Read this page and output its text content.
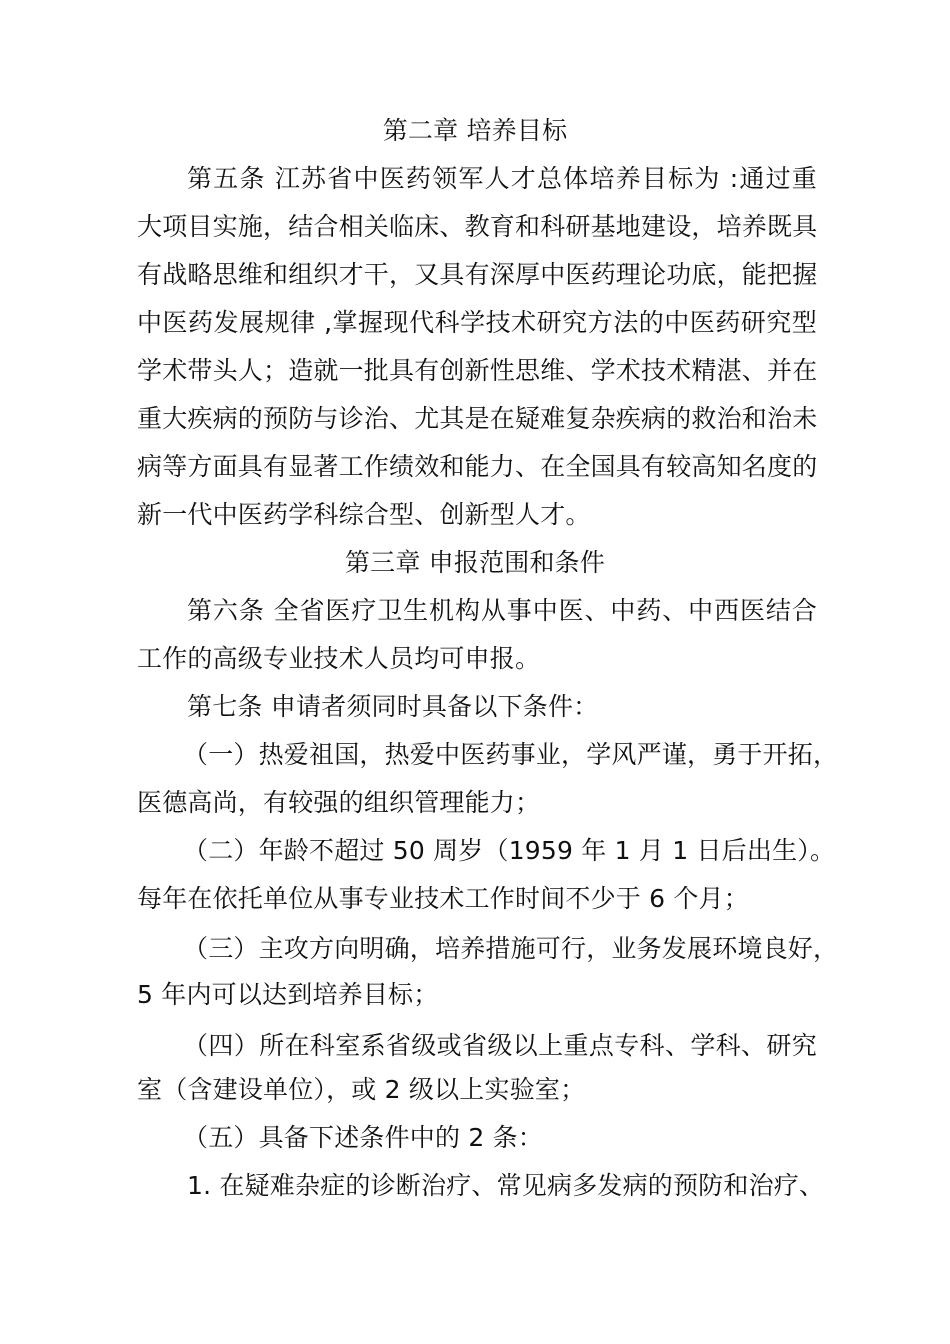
第二章 培养目标
第五条 江苏省中医药领军人才总体培养目标为 :通过重
大项目实施，结合相关临床、教育和科研基地建设，培养既具
有战略思维和组织才干，又具有深厚中医药理论功底，能把握
中医药发展规律 ,掌握现代科学技术研究方法的中医药研究型
学术带头人；造就一批具有创新性思维、学术技术精湛、并在
重大疾病的预防与诊治、尤其是在疑难复杂疾病的救治和治未
病等方面具有显著工作绩效和能力、在全国具有较高知名度的
新一代中医药学科综合型、创新型人才。
第三章 申报范围和条件
第六条 全省医疗卫生机构从事中医、中药、中西医结合
工作的高级专业技术人员均可申报。
第七条 申请者须同时具备以下条件：
（一）热爱祖国，热爱中医药事业，学风严谨，勇于开拓，
医德高尚，有较强的组织管理能力；
（二）年龄不超过 50 周岁（1959 年 1 月 1 日后出生）。
每年在依托单位从事专业技术工作时间不少于 6 个月；
（三）主攻方向明确，培养措施可行，业务发展环境良好，
5 年内可以达到培养目标；
（四）所在科室系省级或省级以上重点专科、学科、研究
室（含建设单位），或 2 级以上实验室；
（五）具备下述条件中的 2 条：
1. 在疑难杂症的诊断治疗、常见病多发病的预防和治疗、
